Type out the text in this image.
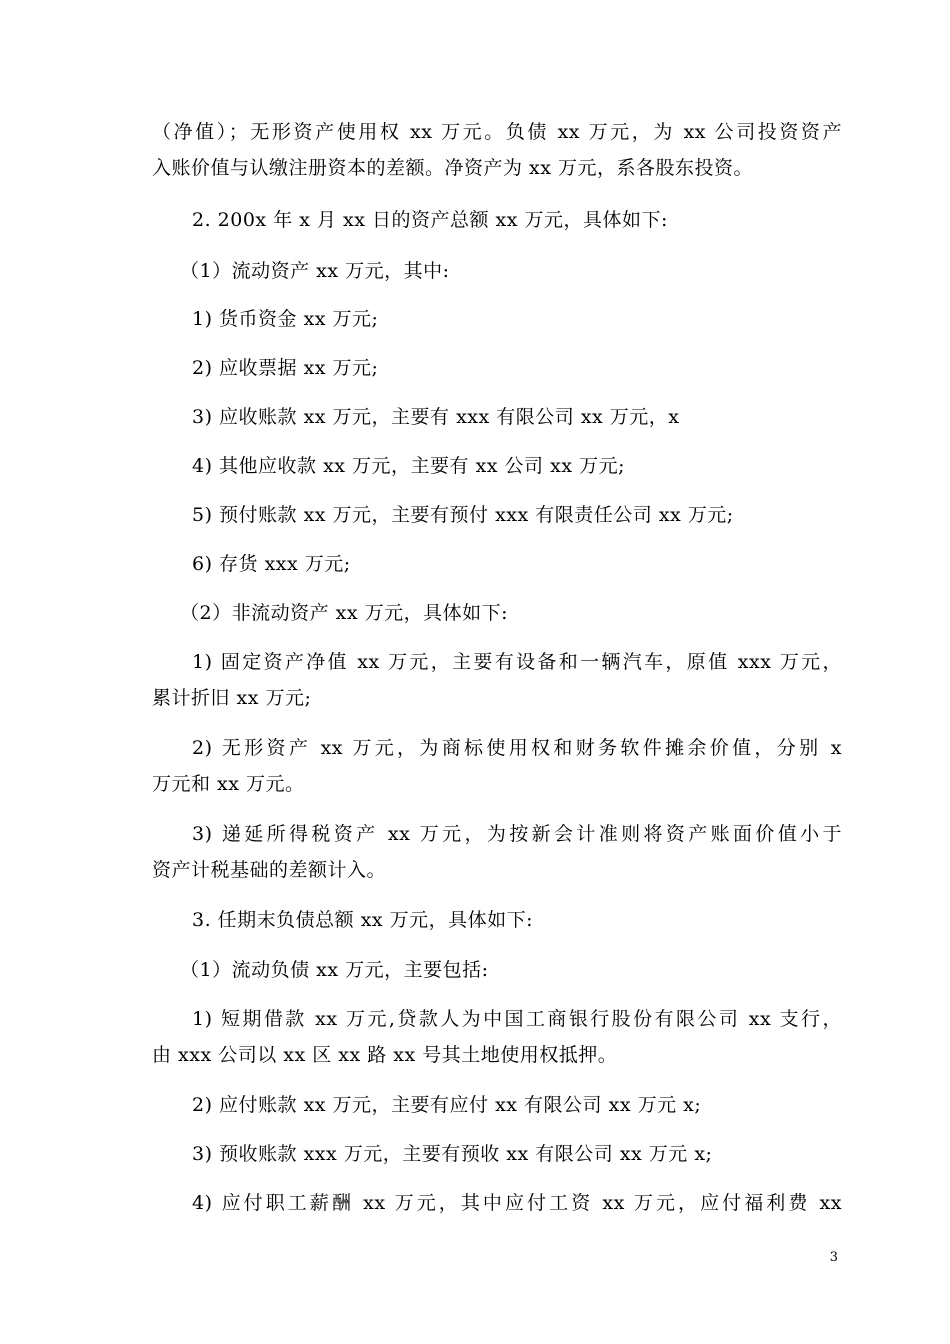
（净值）；无形资产使用权 xx 万元。负债 xx 万元，为 xx 公司投资资产
入账价值与认缴注册资本的差额。净资产为 xx 万元，系各股东投资。
2. 200x 年 x 月 xx 日的资产总额 xx 万元，具体如下:
（1）流动资产 xx 万元，其中:
1) 货币资金 xx 万元;
2) 应收票据 xx 万元;
3) 应收账款 xx 万元，主要有 xxx 有限公司 xx 万元，x
4) 其他应收款 xx 万元，主要有 xx 公司 xx 万元;
5) 预付账款 xx 万元，主要有预付 xxx 有限责任公司 xx 万元;
6) 存货 xxx 万元;
（2）非流动资产 xx 万元，具体如下:
1) 固定资产净值 xx 万元，主要有设备和一辆汽车，原值 xxx 万元，
累计折旧 xx 万元;
2) 无形资产 xx 万元，为商标使用权和财务软件摊余价值，分别 x
万元和 xx 万元。
3) 递延所得税资产 xx 万元，为按新会计准则将资产账面价值小于
资产计税基础的差额计入。
3. 任期末负债总额 xx 万元，具体如下:
（1）流动负债 xx 万元，主要包括:
1) 短期借款 xx 万元,贷款人为中国工商银行股份有限公司 xx 支行，
由 xxx 公司以 xx 区 xx 路 xx 号其土地使用权抵押。
2) 应付账款 xx 万元，主要有应付 xx 有限公司 xx 万元 x;
3) 预收账款 xxx 万元，主要有预收 xx 有限公司 xx 万元 x;
4) 应付职工薪酬 xx 万元，其中应付工资 xx 万元，应付福利费 xx
3
